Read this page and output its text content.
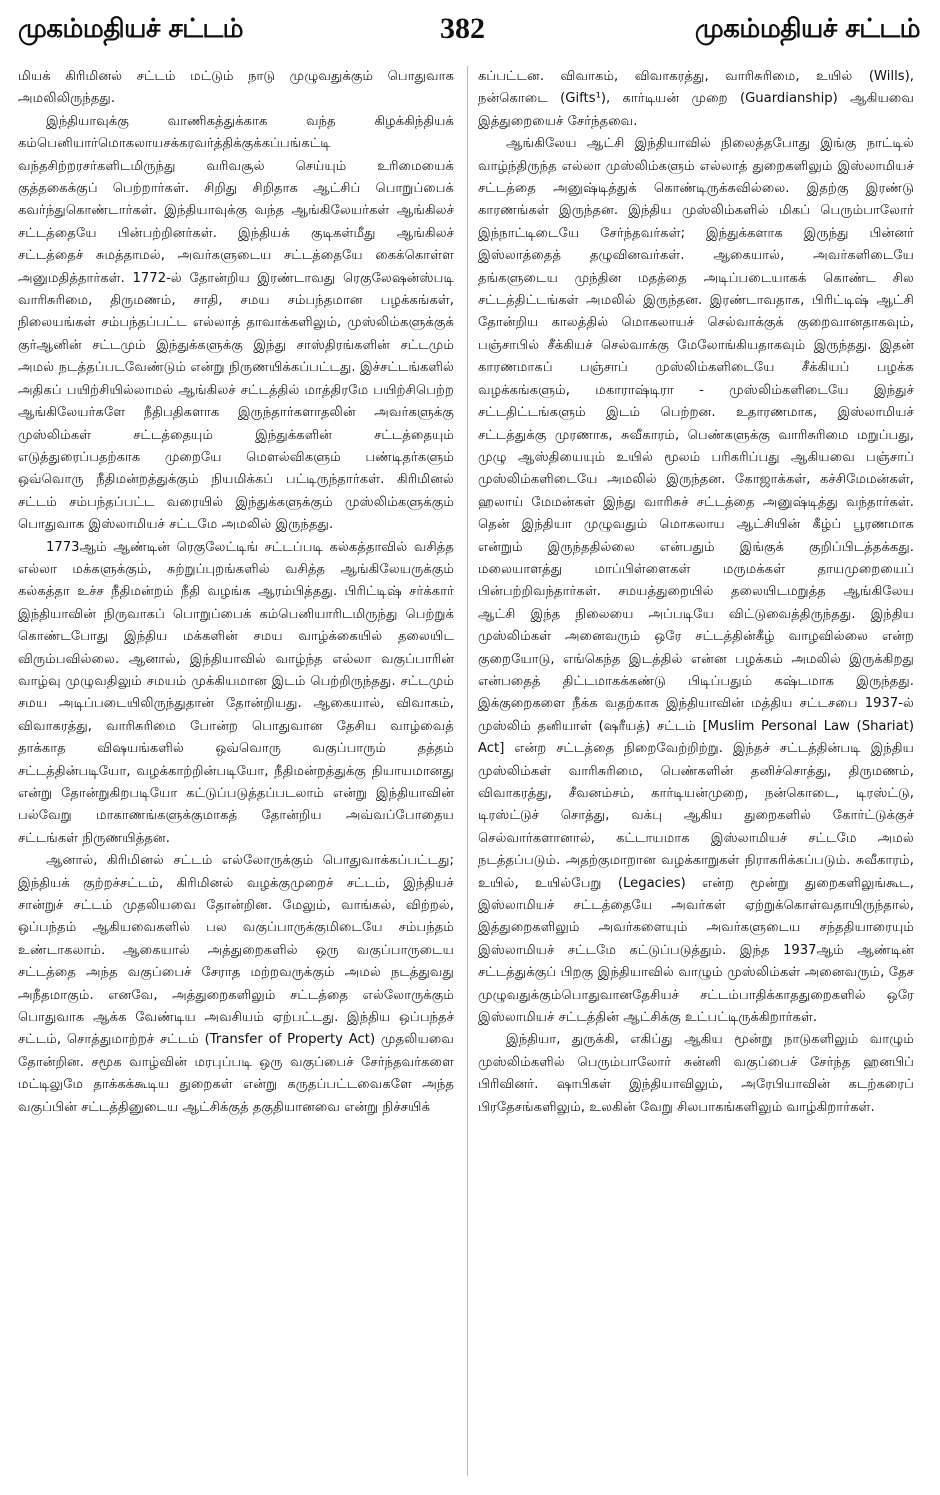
முகம்மதியச் சட்டம்	382	முகம்மதியச் சட்டம்

மியக் கிரிமினல் சட்டம் மட்டும் நாடு முழுவதுக்கும் பொதுவாக அமலிலிருந்தது.

இந்தியாவுக்கு வாணிகத்துக்காக வந்த கிழக்கிந்தியக் கம்பெனியார்மொகலாயசக்கரவர்த்திக்குக்கப்பங்கட்டி வந்தசிற்றரசர்களிடமிருந்து வரிவசூல் செய்யும் உரிமையைக் குத்தகைக்குப் பெற்றார்கள். சிறிது சிறிதாக ஆட்சிப் பொறுப்பைக் கவர்ந்துகொண்டார்கள். இந்தியாவுக்கு வந்த ஆங்கிலேயர்கள் ஆங்கிலச் சட்டத்தையே பின்பற்றினர்கள். இந்தியக் குடிகள்மீது ஆங்கிலச் சட்டத்தைச் சுமத்தாமல், அவர்களுடைய சட்டத்தையே கைக்கொள்ள அனுமதித்தார்கள். 1772-ல் தோன்றிய இரண்டாவது ரெகுலேஷன்ஸ்படி வாரிசுரிமை, திருமணம், சாதி, சமய சம்பந்தமான பழக்கங்கள், நிலையங்கள் சம்பந்தப்பட்ட எல்லாத் தாவாக்களிலும், முஸ்லிம்களுக்குக் குர்ஆனின் சட்டமும் இந்துக்களுக்கு இந்து சாஸ்திரங்களின் சட்டமும் அமல் நடத்தப்படவேண்டும் என்று நிருணயிக்கப்பட்டது. இச்சட்டங்களில் அதிகப் பயிற்சியில்லாமல் ஆங்கிலச் சட்டத்தில் மாத்திரமே பயிற்சிபெற்ற ஆங்கிலேயர்களே நீதிபதிகளாக இருந்தார்களாதலின் அவர்களுக்கு முஸ்லிம்கள் சட்டத்தையும் இந்துக்களின் சட்டத்தையும் எடுத்துரைப்பதற்காக முறையே மௌல்விகளும் பண்டிதர்களும் ஒவ்வொரு நீதிமன்றத்துக்கும் நியமிக்கப் பட்டிருந்தார்கள். கிரிமினல் சட்டம் சம்பந்தப்பட்ட வரையில் இந்துக்களுக்கும் முஸ்லிம்களுக்கும் பொதுவாக இஸ்லாமியச் சட்டமே அமலில் இருந்தது.

1773ஆம் ஆண்டின் ரெகுலேட்டிங் சட்டப்படி கல்கத்தாவில் வசித்த எல்லா மக்களுக்கும், சுற்றுப்புறங்களில் வசித்த ஆங்கிலேயருக்கும் கல்கத்தா உச்ச நீதிமன்றம் நீதி வழங்க ஆரம்பித்தது. பிரிட்டிஷ் சர்க்கார் இந்தியாவின் நிருவாகப் பொறுப்பைக் கம்பெனியாரிடமிருந்து பெற்றுக் கொண்டபோது இந்திய மக்களின் சமய வாழ்க்கையில் தலையிட விரும்பவில்லை. ஆனால், இந்தியாவில் வாழ்ந்த எல்லா வகுப்பாரின் வாழ்வு முழுவதிலும் சமயம் முக்கியமான இடம் பெற்றிருந்தது. சட்டமும் சமய அடிப்படையிலிருந்துதான் தோன்றியது. ஆகையால், விவாகம், விவாகரத்து, வாரிசுரிமை போன்ற பொதுவான தேசிய வாழ்வைத் தாக்காத விஷயங்களில் ஒவ்வொரு வகுப்பாரும் தத்தம் சட்டத்தின்படியோ, வழக்காற்றின்படியோ, நீதிமன்றத்துக்கு நியாயமானது என்று தோன்றுகிறபடியோ கட்டுப்படுத்தப்படலாம் என்று இந்தியாவின் பல்வேறு மாகாணங்களுக்குமாகத் தோன்றிய அவ்வப்போதைய சட்டங்கள் நிருணயித்தன.

ஆனால், கிரிமினல் சட்டம் எல்லோருக்கும் பொதுவாக்கப்பட்டது; இந்தியக் குற்றச்சட்டம், கிரிமினல் வழக்குமுறைச் சட்டம், இந்தியச் சான்றுச் சட்டம் முதலியவை தோன்றின. மேலும், வாங்கல், விற்றல், ஒப்பந்தம் ஆகியவைகளில் பல வகுப்பாருக்குமிடையே சம்பந்தம் உண்டாகலாம். ஆகையால் அத்துறைகளில் ஒரு வகுப்பாருடைய சட்டத்தை அந்த வகுப்பைச் சேராத மற்றவருக்கும் அமல் நடத்துவது அநீதமாகும். எனவே, அத்துறைகளிலும் சட்டத்தை எல்லோருக்கும் பொதுவாக ஆக்க வேண்டிய அவசியம் ஏற்பட்டது. இந்திய ஒப்பந்தச் சட்டம், சொத்துமாற்றச் சட்டம் (Transfer of Property Act) முதலியவை தோன்றின. சமூக வாழ்வின் மரபுப்படி ஒரு வகுப்பைச் சேர்ந்தவர்களை மட்டிலுமே தாக்கக்கூடிய துறைகள் என்று கருதப்பட்டவைகளே அந்த வகுப்பின் சட்டத்தினுடைய ஆட்சிக்குத் தகுதியானவை என்று நிச்சயிக்

கப்பட்டன. விவாகம், விவாகரத்து, வாரிசுரிமை, உயில் (Wills), நன்கொடை (Gifts¹), கார்டியன் முறை (Guardianship) ஆகியவை இத்துறையைச் சேர்ந்தவை.

ஆங்கிலேய ஆட்சி இந்தியாவில் நிலைத்தபோது இங்கு நாட்டில் வாழ்ந்திருந்த எல்லா முஸ்லிம்களும் எல்லாத் துறைகளிலும் இஸ்லாமியச் சட்டத்தை அனுஷ்டித்துக் கொண்டிருக்கவில்லை. இதற்கு இரண்டு காரணங்கள் இருந்தன. இந்திய முஸ்லிம்களில் மிகப் பெரும்பாலோர் இந்நாட்டிடையே சேர்ந்தவர்கள்; இந்துக்களாக இருந்து பின்னர் இஸ்லாத்தைத் தழுவினவர்கள். ஆகையால், அவர்களிடையே தங்களுடைய முந்தின மதத்தை அடிப்படையாகக் கொண்ட சில சட்டத்திட்டங்கள் அமலில் இருந்தன. இரண்டாவதாக, பிரிட்டிஷ் ஆட்சி தோன்றிய காலத்தில் மொகலாயச் செல்வாக்குக் குறைவானதாகவும், பஞ்சாபில் சீக்கியச் செல்வாக்கு மேலோங்கியதாகவும் இருந்தது. இதன் காரணமாகப் பஞ்சாப் முஸ்லிம்களிடையே சீக்கியப் பழக்க வழக்கங்களும், மகாராஷ்டிரா - முஸ்லிம்களிடையே இந்துச் சட்டதிட்டங்களும் இடம் பெற்றன. உதாரணமாக, இஸ்லாமியச் சட்டத்துக்கு முரணாக, சுவீகாரம், பெண்களுக்கு வாரிசுரிமை மறுப்பது, முழு ஆஸ்தியையும் உயில் மூலம் பரிகரிப்பது ஆகியவை பஞ்சாப் முஸ்லிம்களிடையே அமலில் இருந்தன. கோஜாக்கள், கச்சிமேமன்கள், ஹலாய் மேமன்கள் இந்து வாரிசுச் சட்டத்தை அனுஷ்டித்து வந்தார்கள். தென் இந்தியா முழுவதும் மொகலாய ஆட்சியின் கீழ்ப் பூரணமாக என்றும் இருந்ததில்லை என்பதும் இங்குக் குறிப்பிடத்தக்கது. மலையாளத்து மாப்பிள்ளைகள் மருமக்கள் தாயமுறையைப் பின்பற்றிவந்தார்கள். சமயத்துறையில் தலையிடமறுத்த ஆங்கிலேய ஆட்சி இந்த நிலையை அப்படியே விட்டுவைத்திருந்தது. இந்திய முஸ்லிம்கள் அனைவரும் ஒரே சட்டத்தின்கீழ் வாழவில்லை என்ற குறையோடு, எங்கெந்த இடத்தில் என்ன பழக்கம் அமலில் இருக்கிறது என்பதைத் திட்டமாகக்கண்டு பிடிப்பதும் கஷ்டமாக இருந்தது. இக்குறைகளை நீக்க வதற்காக இந்தியாவின் மத்திய சட்டசபை 1937-ல் முஸ்லிம் தனியாள் (ஷரீயத்) சட்டம் [Muslim Personal Law (Shariat) Act] என்ற சட்டத்தை நிறைவேற்றிற்று. இந்தச் சட்டத்தின்படி இந்திய முஸ்லிம்கள் வாரிசுரிமை, பெண்களின் தனிச்சொத்து, திருமணம், விவாகரத்து, சீவனம்சம், கார்டியன்முறை, நன்கொடை, டிரஸ்ட்டு, டிரஸ்ட்டுச் சொத்து, வக்பு ஆகிய துறைகளில் கோர்ட்டுக்குச் செல்வார்களானால், கட்டாயமாக இஸ்லாமியச் சட்டமே அமல் நடத்தப்படும். அதற்குமாறான வழக்காறுகள் நிராகரிக்கப்படும். சுவீகாரம், உயில், உயில்பேறு (Legacies) என்ற மூன்று துறைகளிலுங்கூட, இஸ்லாமியச் சட்டத்தையே அவர்கள் ஏற்றுக்கொள்வதாயிருந்தால், இத்துறைகளிலும் அவர்களையும் அவர்களுடைய சந்ததியாரையும் இஸ்லாமியச் சட்டமே கட்டுப்படுத்தும். இந்த 1937ஆம் ஆண்டின் சட்டத்துக்குப் பிறகு இந்தியாவில் வாழும் முஸ்லிம்கள் அனைவரும், தேச முழுவதுக்கும்பொதுவானதேசியச் சட்டம்பாதிக்காததுறைகளில் ஒரே இஸ்லாமியச் சட்டத்தின் ஆட்சிக்கு உட்பட்டிருக்கிறார்கள்.

இந்தியா, துருக்கி, எகிப்து ஆகிய மூன்று நாடுகளிலும் வாழும் முஸ்லிம்களில் பெரும்பாலோர் சுன்னி வகுப்பைச் சேர்ந்த ஹனபிப் பிரிவினர். ஷாபிகள் இந்தியாவிலும், அரேபியாவின் கடற்கரைப் பிரதேசங்களிலும், உலகின் வேறு சிலபாகங்களிலும் வாழ்கிறார்கள்.
